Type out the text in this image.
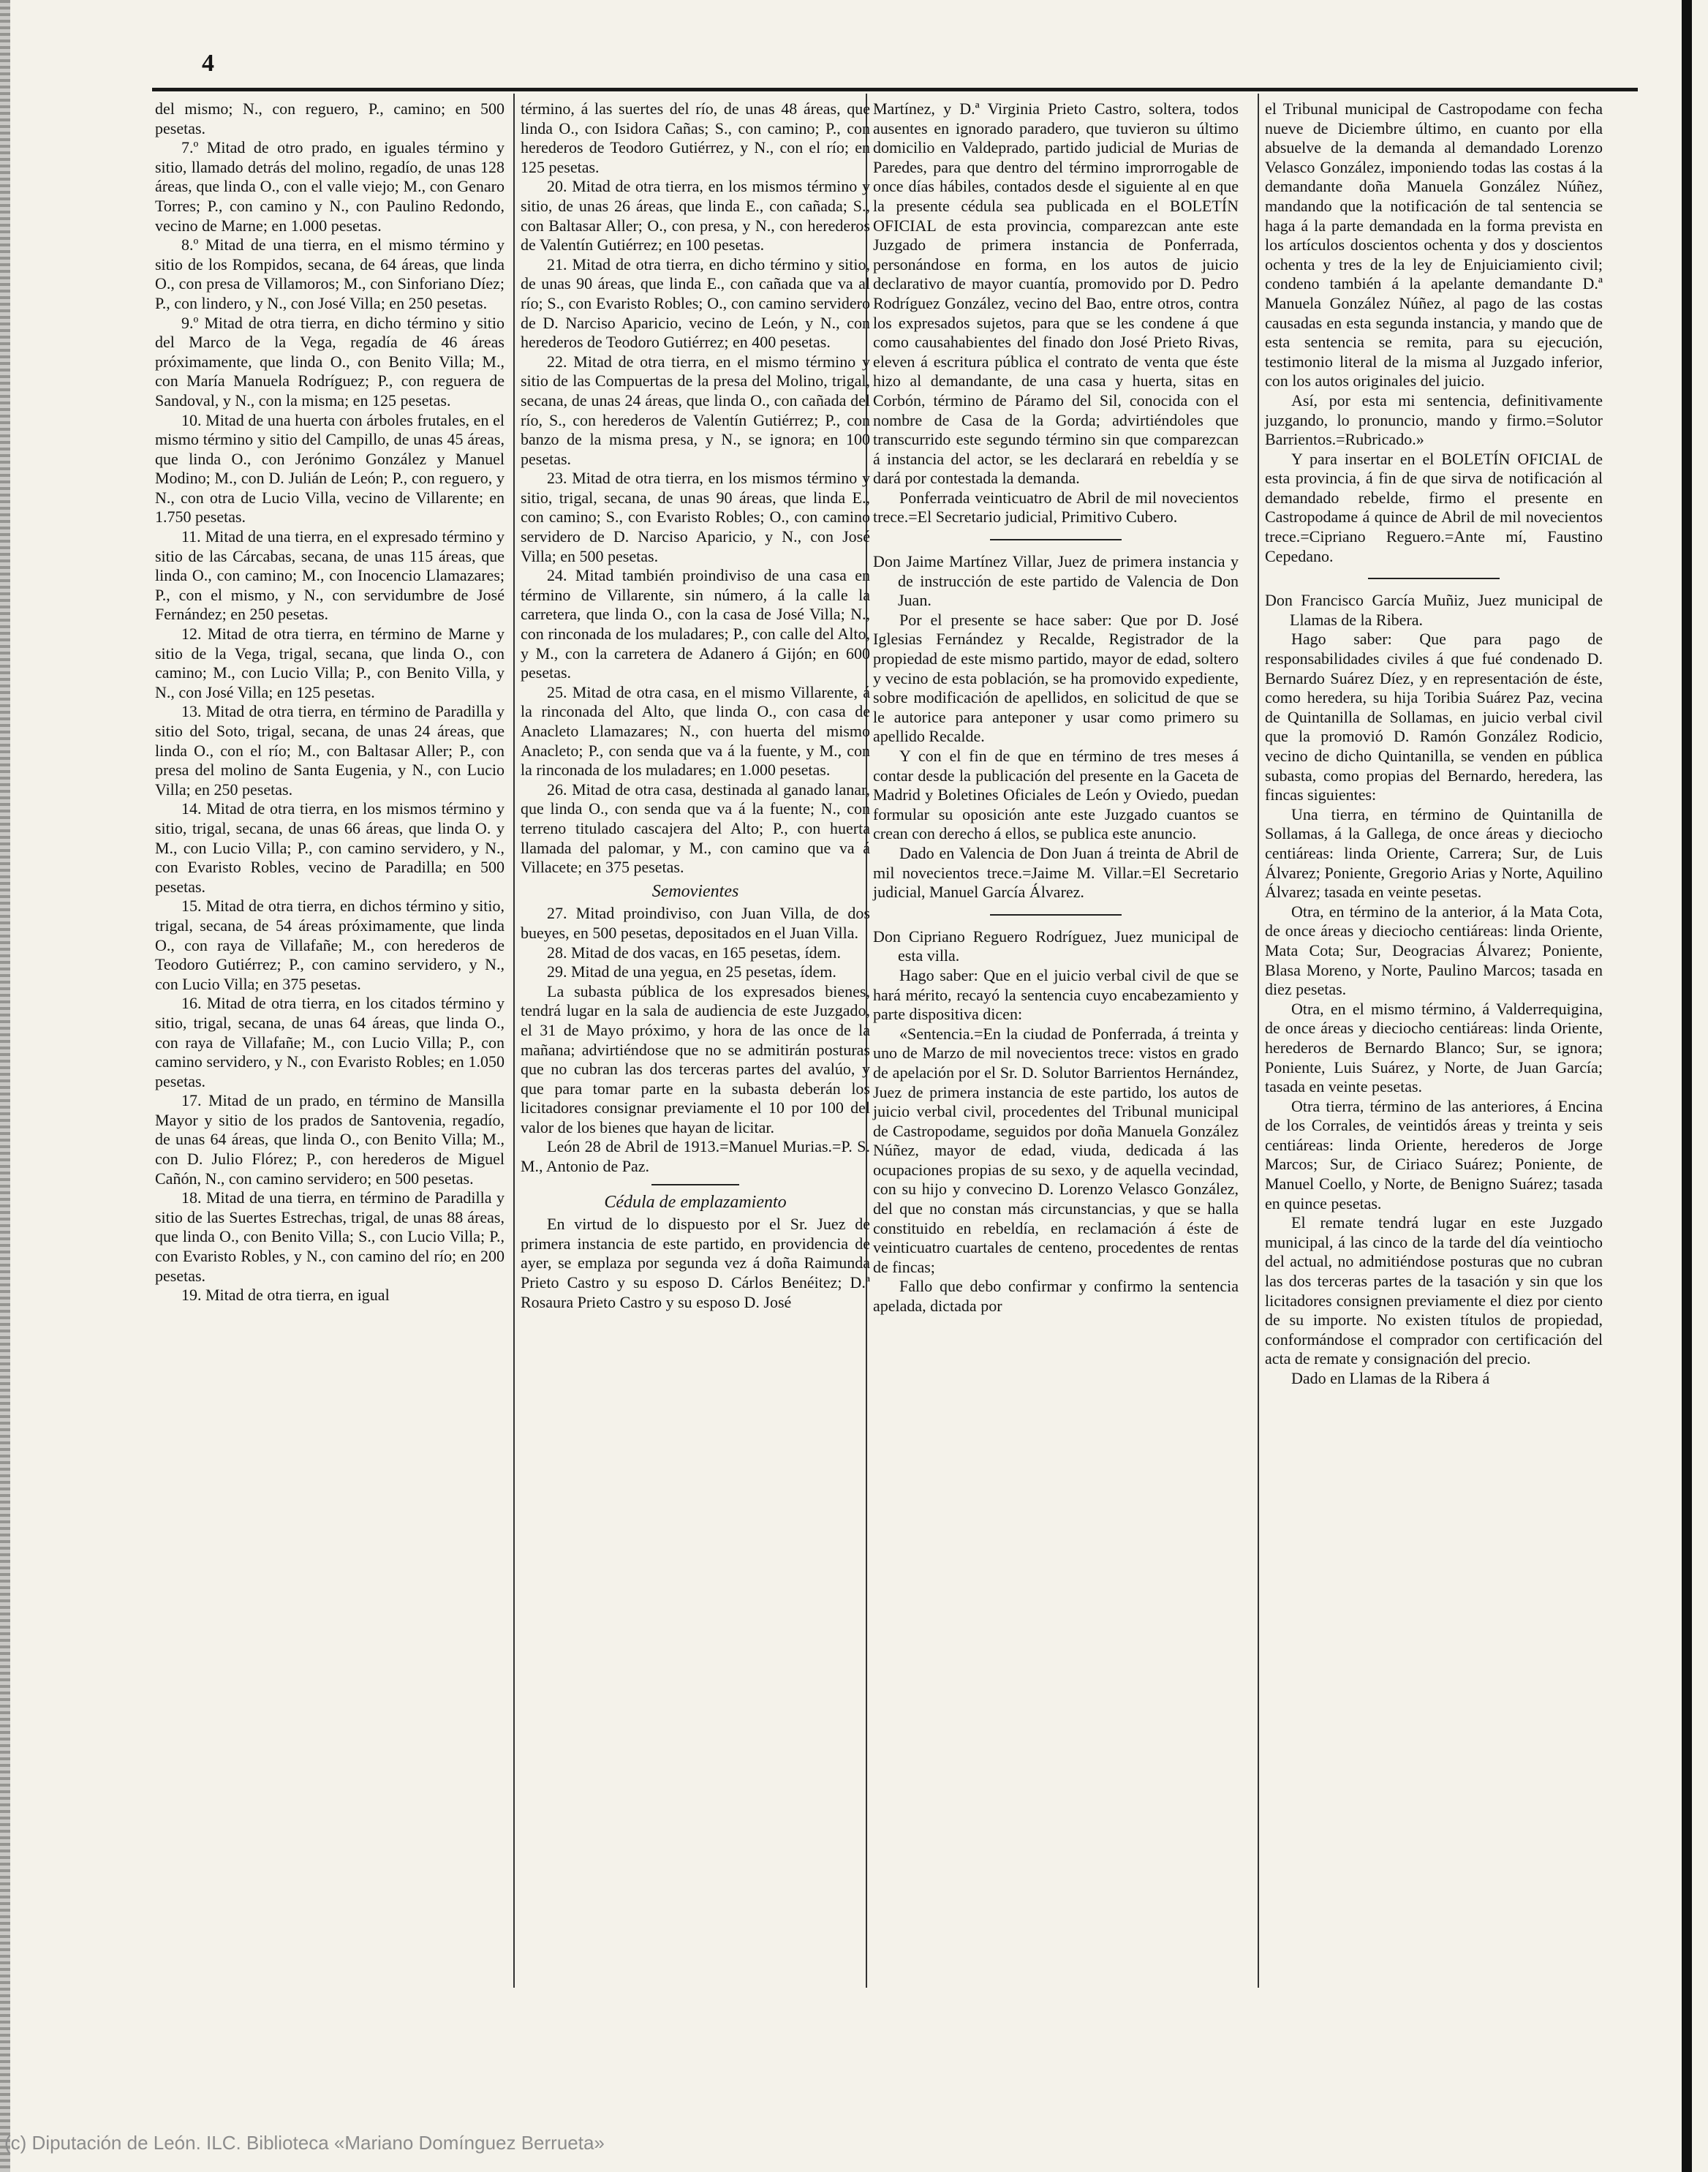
4

del mismo; N., con reguero, P., camino; en 500 pesetas.

7.º Mitad de otro prado, en iguales término y sitio, llamado detrás del molino, regadío, de unas 128 áreas, que linda O., con el valle viejo; M., con Genaro Torres; P., con camino y N., con Paulino Redondo, vecino de Marne; en 1.000 pesetas.

8.º Mitad de una tierra, en el mismo término y sitio de los Rompidos, secana, de 64 áreas, que linda O., con presa de Villamoros; M., con Sinforiano Díez; P., con lindero, y N., con José Villa; en 250 pesetas.

9.º Mitad de otra tierra, en dicho término y sitio del Marco de la Vega, regadía de 46 áreas próximamente, que linda O., con Benito Villa; M., con María Manuela Rodríguez; P., con reguera de Sandoval, y N., con la misma; en 125 pesetas.

10. Mitad de una huerta con árboles frutales, en el mismo término y sitio del Campillo, de unas 45 áreas, que linda O., con Jerónimo González y Manuel Modino; M., con D. Julián de León; P., con reguero, y N., con otra de Lucio Villa, vecino de Villarente; en 1.750 pesetas.

11. Mitad de una tierra, en el expresado término y sitio de las Cárcabas, secana, de unas 115 áreas, que linda O., con camino; M., con Inocencio Llamazares; P., con el mismo, y N., con servidumbre de José Fernández; en 250 pesetas.

12. Mitad de otra tierra, en término de Marne y sitio de la Vega, trigal, secana, que linda O., con camino; M., con Lucio Villa; P., con Benito Villa, y N., con José Villa; en 125 pesetas.

13. Mitad de otra tierra, en término de Paradilla y sitio del Soto, trigal, secana, de unas 24 áreas, que linda O., con el río; M., con Baltasar Aller; P., con presa del molino de Santa Eugenia, y N., con Lucio Villa; en 250 pesetas.

14. Mitad de otra tierra, en los mismos término y sitio, trigal, secana, de unas 66 áreas, que linda O. y M., con Lucio Villa; P., con camino servidero, y N., con Evaristo Robles, vecino de Paradilla; en 500 pesetas.

15. Mitad de otra tierra, en dichos término y sitio, trigal, secana, de 54 áreas próximamente, que linda O., con raya de Villafañe; M., con herederos de Teodoro Gutiérrez; P., con camino servidero, y N., con Lucio Villa; en 375 pesetas.

16. Mitad de otra tierra, en los citados término y sitio, trigal, secana, de unas 64 áreas, que linda O., con raya de Villafañe; M., con Lucio Villa; P., con camino servidero, y N., con Evaristo Robles; en 1.050 pesetas.

17. Mitad de un prado, en término de Mansilla Mayor y sitio de los prados de Santovenia, regadío, de unas 64 áreas, que linda O., con Benito Villa; M., con D. Julio Flórez; P., con herederos de Miguel Cañón, N., con camino servidero; en 500 pesetas.

18. Mitad de una tierra, en término de Paradilla y sitio de las Suertes Estrechas, trigal, de unas 88 áreas, que linda O., con Benito Villa; S., con Lucio Villa; P., con Evaristo Robles, y N., con camino del río; en 200 pesetas.

19. Mitad de otra tierra, en igual

término, á las suertes del río, de unas 48 áreas, que linda O., con Isidora Cañas; S., con camino; P., con herederos de Teodoro Gutiérrez, y N., con el río; en 125 pesetas.

20. Mitad de otra tierra, en los mismos término y sitio, de unas 26 áreas, que linda E., con cañada; S., con Baltasar Aller; O., con presa, y N., con herederos de Valentín Gutiérrez; en 100 pesetas.

21. Mitad de otra tierra, en dicho término y sitio, de unas 90 áreas, que linda E., con cañada que va al río; S., con Evaristo Robles; O., con camino servidero de D. Narciso Aparicio, vecino de León, y N., con herederos de Teodoro Gutiérrez; en 400 pesetas.

22. Mitad de otra tierra, en el mismo término y sitio de las Compuertas de la presa del Molino, trigal, secana, de unas 24 áreas, que linda O., con cañada del río, S., con herederos de Valentín Gutiérrez; P., con banzo de la misma presa, y N., se ignora; en 100 pesetas.

23. Mitad de otra tierra, en los mismos término y sitio, trigal, secana, de unas 90 áreas, que linda E., con camino; S., con Evaristo Robles; O., con camino servidero de D. Narciso Aparicio, y N., con José Villa; en 500 pesetas.

24. Mitad también proindiviso de una casa en término de Villarente, sin número, á la calle la carretera, que linda O., con la casa de José Villa; N., con rinconada de los muladares; P., con calle del Alto, y M., con la carretera de Adanero á Gijón; en 600 pesetas.

25. Mitad de otra casa, en el mismo Villarente, á la rinconada del Alto, que linda O., con casa de Anacleto Llamazares; N., con huerta del mismo Anacleto; P., con senda que va á la fuente, y M., con la rinconada de los muladares; en 1.000 pesetas.

26. Mitad de otra casa, destinada al ganado lanar, que linda O., con senda que va á la fuente; N., con terreno titulado cascajera del Alto; P., con huerta llamada del palomar, y M., con camino que va á Villacete; en 375 pesetas.

Semovientes

27. Mitad proindiviso, con Juan Villa, de dos bueyes, en 500 pesetas, depositados en el Juan Villa.

28. Mitad de dos vacas, en 165 pesetas, ídem.

29. Mitad de una yegua, en 25 pesetas, ídem.

La subasta pública de los expresados bienes, tendrá lugar en la sala de audiencia de este Juzgado, el 31 de Mayo próximo, y hora de las once de la mañana; advirtiéndose que no se admitirán posturas que no cubran las dos terceras partes del avalúo, y que para tomar parte en la subasta deberán los licitadores consignar previamente el 10 por 100 del valor de los bienes que hayan de licitar.

León 28 de Abril de 1913.=Manuel Murias.=P. S. M., Antonio de Paz.

Cédula de emplazamiento

En virtud de lo dispuesto por el Sr. Juez de primera instancia de este partido, en providencia de ayer, se emplaza por segunda vez á doña Raimunda Prieto Castro y su esposo D. Cárlos Benéitez; D.ª Rosaura Prieto Castro y su esposo D. José

Martínez, y D.ª Virginia Prieto Castro, soltera, todos ausentes en ignorado paradero, que tuvieron su último domicilio en Valdeprado, partido judicial de Murias de Paredes, para que dentro del término improrrogable de once días hábiles, contados desde el siguiente al en que la presente cédula sea publicada en el BOLETÍN OFICIAL de esta provincia, comparezcan ante este Juzgado de primera instancia de Ponferrada, personándose en forma, en los autos de juicio declarativo de mayor cuantía, promovido por D. Pedro Rodríguez González, vecino del Bao, entre otros, contra los expresados sujetos, para que se les condene á que como causahabientes del finado don José Prieto Rivas, eleven á escritura pública el contrato de venta que éste hizo al demandante, de una casa y huerta, sitas en Corbón, término de Páramo del Sil, conocida con el nombre de Casa de la Gorda; advirtiéndoles que transcurrido este segundo término sin que comparezcan á instancia del actor, se les declarará en rebeldía y se dará por contestada la demanda.

Ponferrada veinticuatro de Abril de mil novecientos trece.=El Secretario judicial, Primitivo Cubero.

Don Jaime Martínez Villar, Juez de primera instancia y de instrucción de este partido de Valencia de Don Juan.

Por el presente se hace saber: Que por D. José Iglesias Fernández y Recalde, Registrador de la propiedad de este mismo partido, mayor de edad, soltero y vecino de esta población, se ha promovido expediente, sobre modificación de apellidos, en solicitud de que se le autorice para anteponer y usar como primero su apellido Recalde.

Y con el fin de que en término de tres meses á contar desde la publicación del presente en la Gaceta de Madrid y Boletines Oficiales de León y Oviedo, puedan formular su oposición ante este Juzgado cuantos se crean con derecho á ellos, se publica este anuncio.

Dado en Valencia de Don Juan á treinta de Abril de mil novecientos trece.=Jaime M. Villar.=El Secretario judicial, Manuel García Álvarez.

Don Cipriano Reguero Rodríguez, Juez municipal de esta villa.

Hago saber: Que en el juicio verbal civil de que se hará mérito, recayó la sentencia cuyo encabezamiento y parte dispositiva dicen:

«Sentencia.=En la ciudad de Ponferrada, á treinta y uno de Marzo de mil novecientos trece: vistos en grado de apelación por el Sr. D. Solutor Barrientos Hernández, Juez de primera instancia de este partido, los autos de juicio verbal civil, procedentes del Tribunal municipal de Castropodame, seguidos por doña Manuela González Núñez, mayor de edad, viuda, dedicada á las ocupaciones propias de su sexo, y de aquella vecindad, con su hijo y convecino D. Lorenzo Velasco González, del que no constan más circunstancias, y que se halla constituido en rebeldía, en reclamación á éste de veinticuatro cuartales de centeno, procedentes de rentas de fincas;

Fallo que debo confirmar y confirmo la sentencia apelada, dictada por

el Tribunal municipal de Castropodame con fecha nueve de Diciembre último, en cuanto por ella absuelve de la demanda al demandado Lorenzo Velasco González, imponiendo todas las costas á la demandante doña Manuela González Núñez, mandando que la notificación de tal sentencia se haga á la parte demandada en la forma prevista en los artículos doscientos ochenta y dos y doscientos ochenta y tres de la ley de Enjuiciamiento civil; condeno también á la apelante demandante D.ª Manuela González Núñez, al pago de las costas causadas en esta segunda instancia, y mando que de esta sentencia se remita, para su ejecución, testimonio literal de la misma al Juzgado inferior, con los autos originales del juicio.

Así, por esta mi sentencia, definitivamente juzgando, lo pronuncio, mando y firmo.=Solutor Barrientos.=Rubricado.»

Y para insertar en el BOLETÍN OFICIAL de esta provincia, á fin de que sirva de notificación al demandado rebelde, firmo el presente en Castropodame á quince de Abril de mil novecientos trece.=Cipriano Reguero.=Ante mí, Faustino Cepedano.

Don Francisco García Muñiz, Juez municipal de Llamas de la Ribera.

Hago saber: Que para pago de responsabilidades civiles á que fué condenado D. Bernardo Suárez Díez, y en representación de éste, como heredera, su hija Toribia Suárez Paz, vecina de Quintanilla de Sollamas, en juicio verbal civil que la promovió D. Ramón González Rodicio, vecino de dicho Quintanilla, se venden en pública subasta, como propias del Bernardo, heredera, las fincas siguientes:

Una tierra, en término de Quintanilla de Sollamas, á la Gallega, de once áreas y dieciocho centiáreas: linda Oriente, Carrera; Sur, de Luis Álvarez; Poniente, Gregorio Arias y Norte, Aquilino Álvarez; tasada en veinte pesetas.

Otra, en término de la anterior, á la Mata Cota, de once áreas y dieciocho centiáreas: linda Oriente, Mata Cota; Sur, Deogracias Álvarez; Poniente, Blasa Moreno, y Norte, Paulino Marcos; tasada en diez pesetas.

Otra, en el mismo término, á Valderrequigina, de once áreas y dieciocho centiáreas: linda Oriente, herederos de Bernardo Blanco; Sur, se ignora; Poniente, Luis Suárez, y Norte, de Juan García; tasada en veinte pesetas.

Otra tierra, término de las anteriores, á Encina de los Corrales, de veintidós áreas y treinta y seis centiáreas: linda Oriente, herederos de Jorge Marcos; Sur, de Ciriaco Suárez; Poniente, de Manuel Coello, y Norte, de Benigno Suárez; tasada en quince pesetas.

El remate tendrá lugar en este Juzgado municipal, á las cinco de la tarde del día veintiocho del actual, no admitiéndose posturas que no cubran las dos terceras partes de la tasación y sin que los licitadores consignen previamente el diez por ciento de su importe. No existen títulos de propiedad, conformándose el comprador con certificación del acta de remate y consignación del precio.

Dado en Llamas de la Ribera á

(c) Diputación de León. ILC. Biblioteca «Mariano Domínguez Berrueta»
